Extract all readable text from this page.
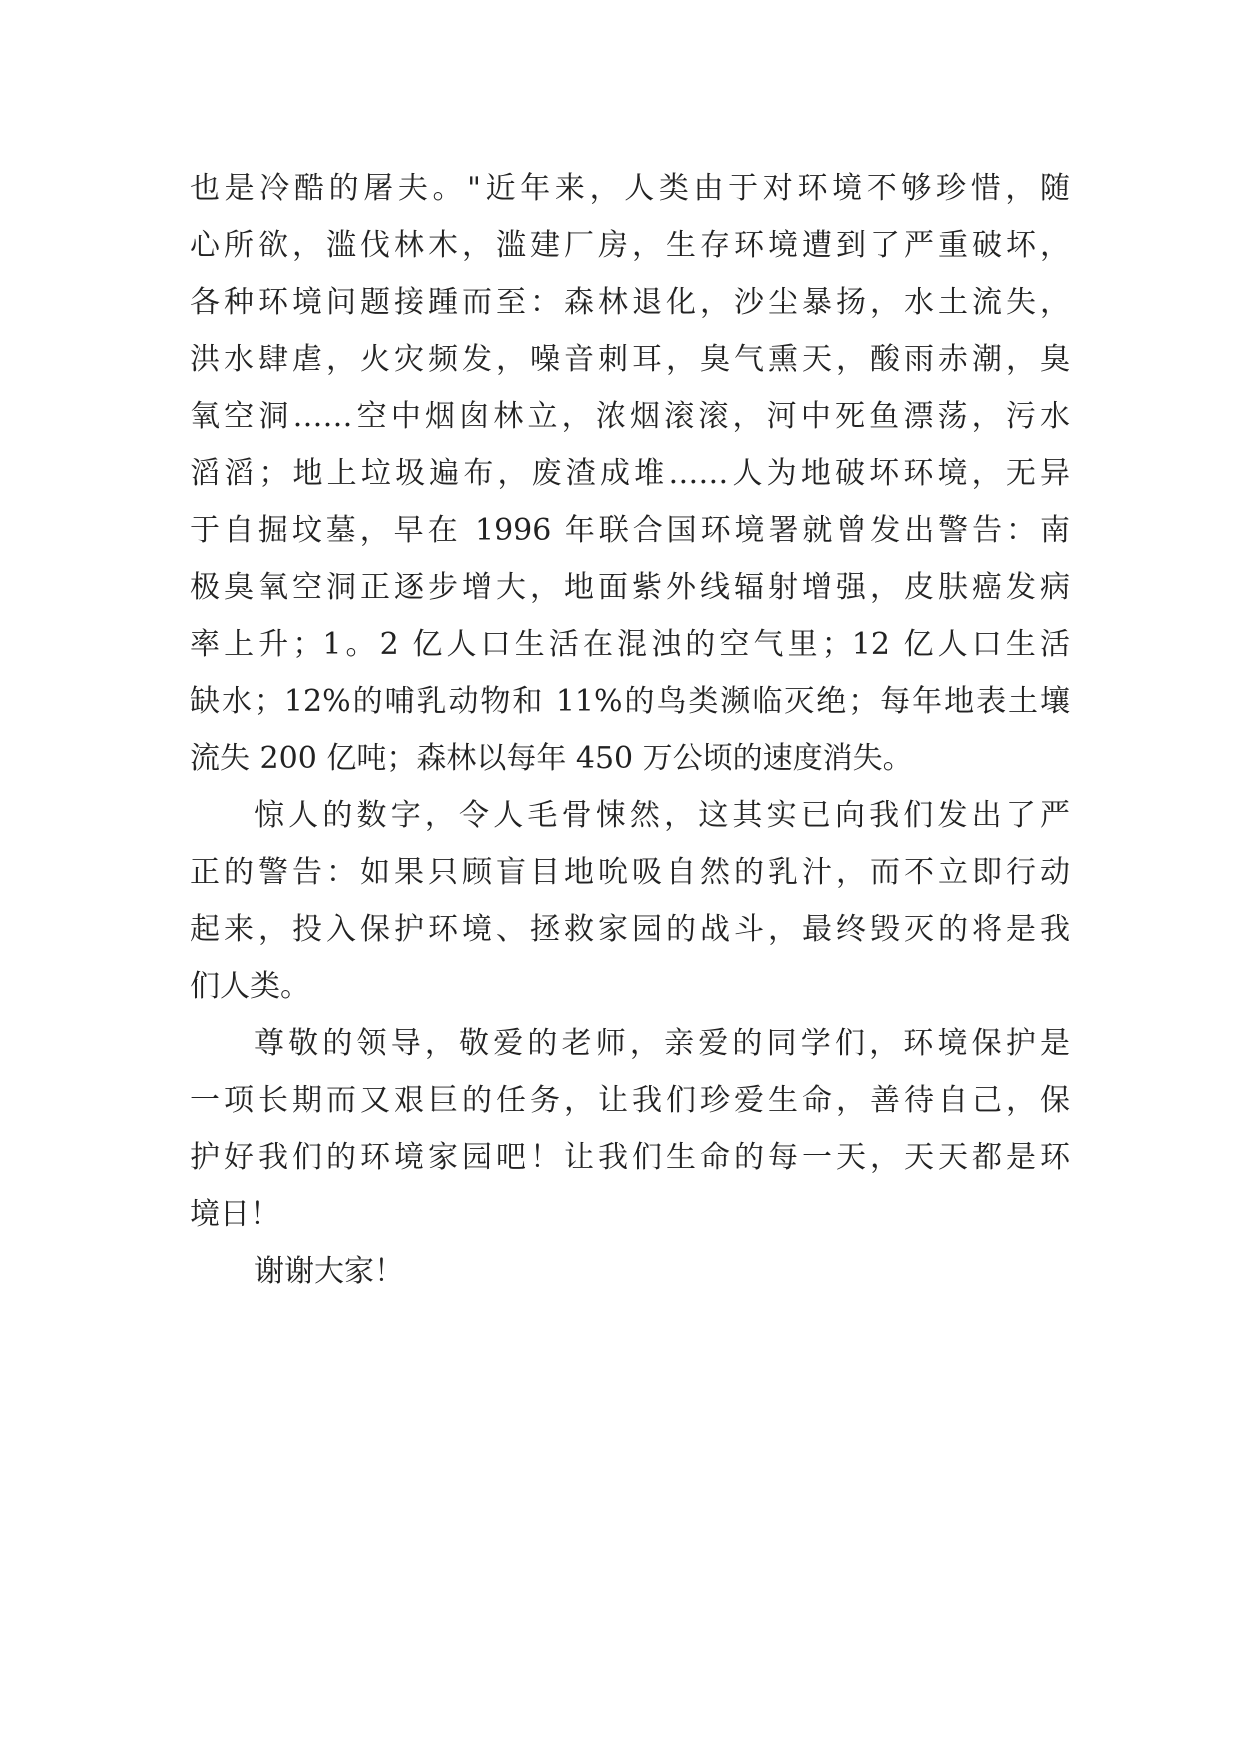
也是冷酷的屠夫。"近年来，人类由于对环境不够珍惜，随
心所欲，滥伐林木，滥建厂房，生存环境遭到了严重破坏，
各种环境问题接踵而至：森林退化，沙尘暴扬，水土流失，
洪水肆虐，火灾频发，噪音刺耳，臭气熏天，酸雨赤潮，臭
氧空洞……空中烟囱林立，浓烟滚滚，河中死鱼漂荡，污水
滔滔；地上垃圾遍布，废渣成堆……人为地破坏环境，无异
于自掘坟墓，早在 1996 年联合国环境署就曾发出警告：南
极臭氧空洞正逐步增大，地面紫外线辐射增强，皮肤癌发病
率上升；1。2 亿人口生活在混浊的空气里；12 亿人口生活
缺水；12%的哺乳动物和 11%的鸟类濒临灭绝；每年地表土壤
流失 200 亿吨；森林以每年 450 万公顷的速度消失。
惊人的数字，令人毛骨悚然，这其实已向我们发出了严
正的警告：如果只顾盲目地吮吸自然的乳汁，而不立即行动
起来，投入保护环境、拯救家园的战斗，最终毁灭的将是我
们人类。
尊敬的领导，敬爱的老师，亲爱的同学们，环境保护是
一项长期而又艰巨的任务，让我们珍爱生命，善待自己，保
护好我们的环境家园吧！让我们生命的每一天，天天都是环
境日！
谢谢大家！
